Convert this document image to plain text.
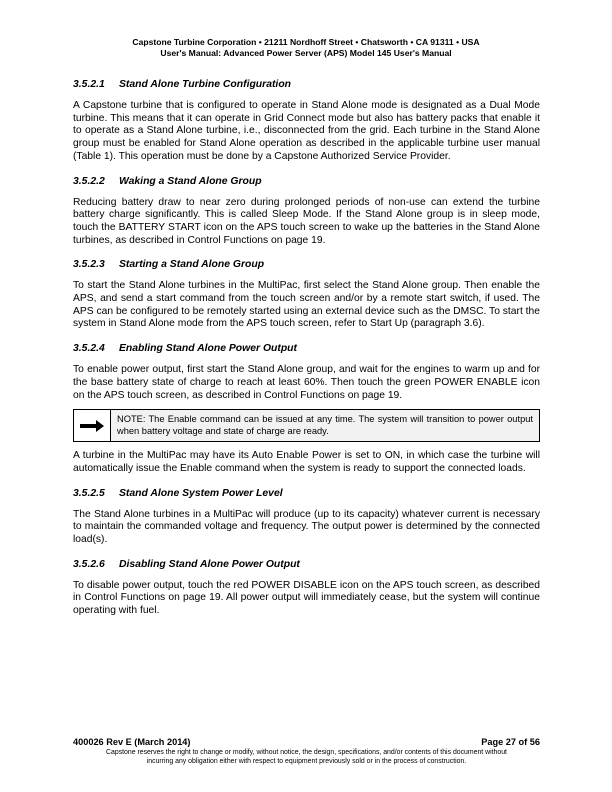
Capstone Turbine Corporation • 21211 Nordhoff Street • Chatsworth • CA 91311 • USA
User's Manual: Advanced Power Server (APS) Model 145 User's Manual
3.5.2.1	Stand Alone Turbine Configuration

A Capstone turbine that is configured to operate in Stand Alone mode is designated as a Dual Mode turbine. This means that it can operate in Grid Connect mode but also has battery packs that enable it to operate as a Stand Alone turbine, i.e., disconnected from the grid. Each turbine in the Stand Alone group must be enabled for Stand Alone operation as described in the applicable turbine user manual (Table 1). This operation must be done by a Capstone Authorized Service Provider.

3.5.2.2	Waking a Stand Alone Group

Reducing battery draw to near zero during prolonged periods of non-use can extend the turbine battery charge significantly. This is called Sleep Mode. If the Stand Alone group is in sleep mode, touch the BATTERY START icon on the APS touch screen to wake up the batteries in the Stand Alone turbines, as described in Control Functions on page 19.

3.5.2.3	Starting a Stand Alone Group

To start the Stand Alone turbines in the MultiPac, first select the Stand Alone group. Then enable the APS, and send a start command from the touch screen and/or by a remote start switch, if used. The APS can be configured to be remotely started using an external device such as the DMSC. To start the system in Stand Alone mode from the APS touch screen, refer to Start Up (paragraph 3.6).

3.5.2.4	Enabling Stand Alone Power Output

To enable power output, first start the Stand Alone group, and wait for the engines to warm up and for the base battery state of charge to reach at least 60%. Then touch the green POWER ENABLE icon on the APS touch screen, as described in Control Functions on page 19.

NOTE: The Enable command can be issued at any time. The system will transition to power output when battery voltage and state of charge are ready.

A turbine in the MultiPac may have its Auto Enable Power is set to ON, in which case the turbine will automatically issue the Enable command when the system is ready to support the connected loads.

3.5.2.5	Stand Alone System Power Level

The Stand Alone turbines in a MultiPac will produce (up to its capacity) whatever current is necessary to maintain the commanded voltage and frequency. The output power is determined by the connected load(s).

3.5.2.6	Disabling Stand Alone Power Output

To disable power output, touch the red POWER DISABLE icon on the APS touch screen, as described in Control Functions on page 19. All power output will immediately cease, but the system will continue operating with fuel.

400026 Rev E (March 2014)	Page 27 of 56
Capstone reserves the right to change or modify, without notice, the design, specifications, and/or contents of this document without
incurring any obligation either with respect to equipment previously sold or in the process of construction.
